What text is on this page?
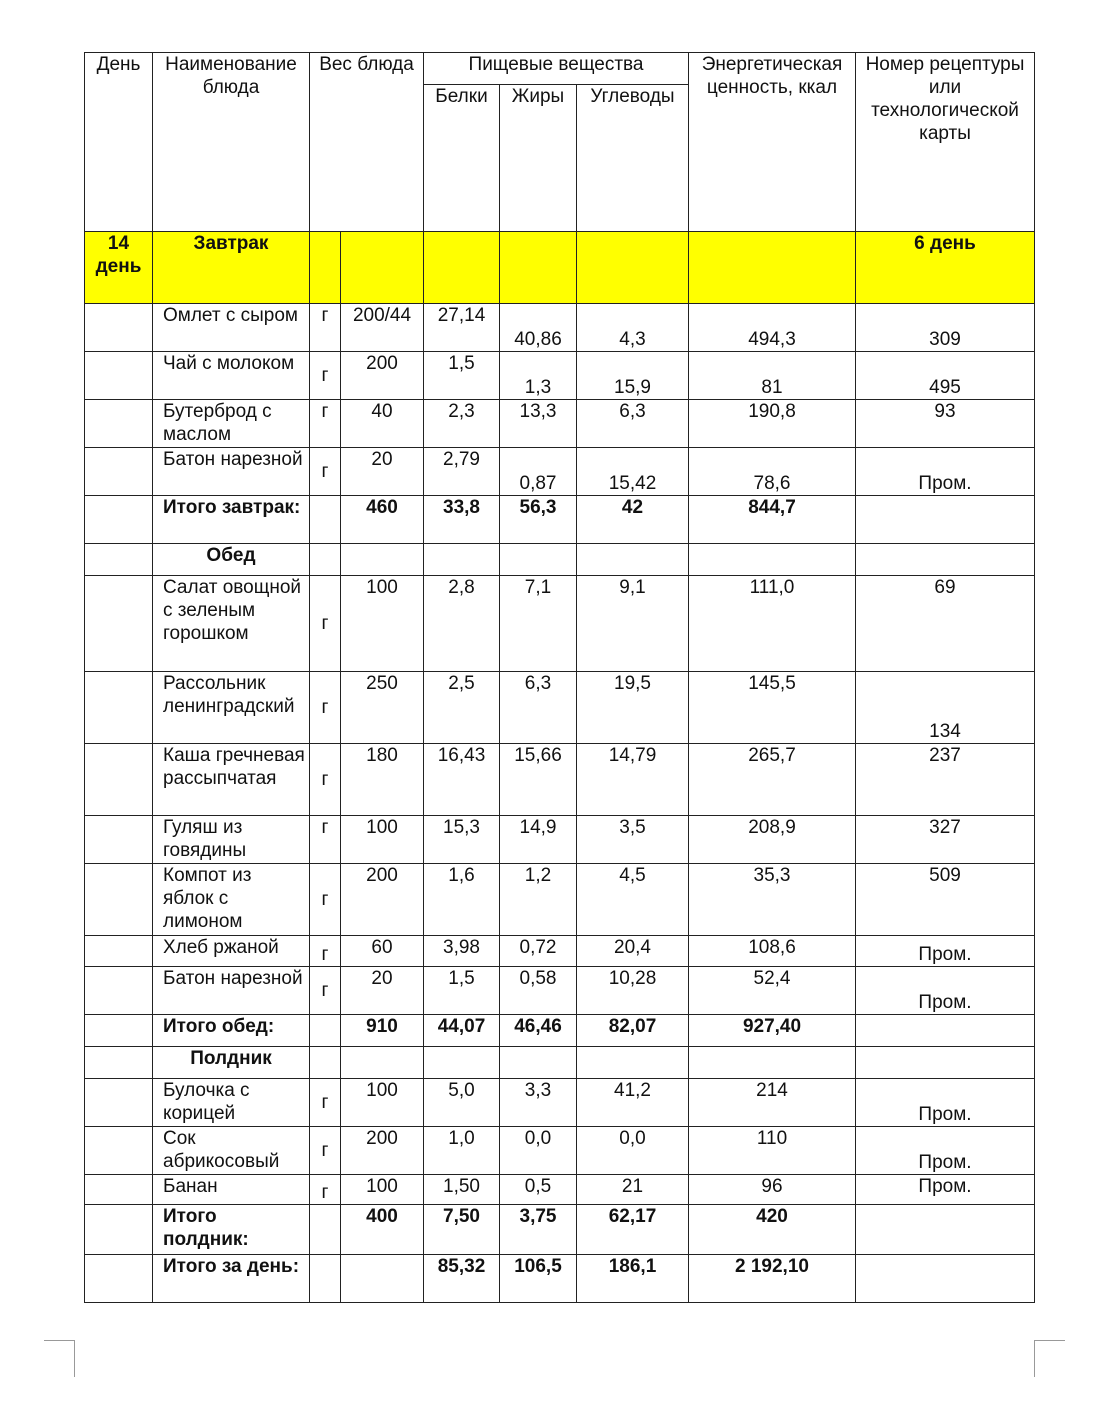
День	Наименование блюда	Вес блюда		Пищевые вещества			Энергетическая ценность, ккал	Номер рецептуры или технологической карты
				Белки	Жиры	Углеводы		
14 день	Завтрак							6 день
	Омлет с сыром	г	200/44	27,14	40,86	4,3	494,3	309
	Чай с молоком	г	200	1,5	1,3	15,9	81	495
	Бутерброд с маслом	г	40	2,3	13,3	6,3	190,8	93
	Батон нарезной	г	20	2,79	0,87	15,42	78,6	Пром.
	Итого завтрак:		460	33,8	56,3	42	844,7	
	Обед							
	Салат овощной с зеленым горошком	г	100	2,8	7,1	9,1	111,0	69
	Рассольник ленинградский	г	250	2,5	6,3	19,5	145,5	134
	Каша гречневая рассыпчатая	г	180	16,43	15,66	14,79	265,7	237
	Гуляш из говядины	г	100	15,3	14,9	3,5	208,9	327
	Компот из яблок с лимоном	г	200	1,6	1,2	4,5	35,3	509
	Хлеб ржаной	г	60	3,98	0,72	20,4	108,6	Пром.
	Батон нарезной	г	20	1,5	0,58	10,28	52,4	Пром.
	Итого обед:		910	44,07	46,46	82,07	927,40	
	Полдник							
	Булочка с корицей	г	100	5,0	3,3	41,2	214	Пром.
	Сок абрикосовый	г	200	1,0	0,0	0,0	110	Пром.
	Банан	г	100	1,50	0,5	21	96	Пром.
	Итого полдник:		400	7,50	3,75	62,17	420	
	Итого за день:			85,32	106,5	186,1	2 192,10	
